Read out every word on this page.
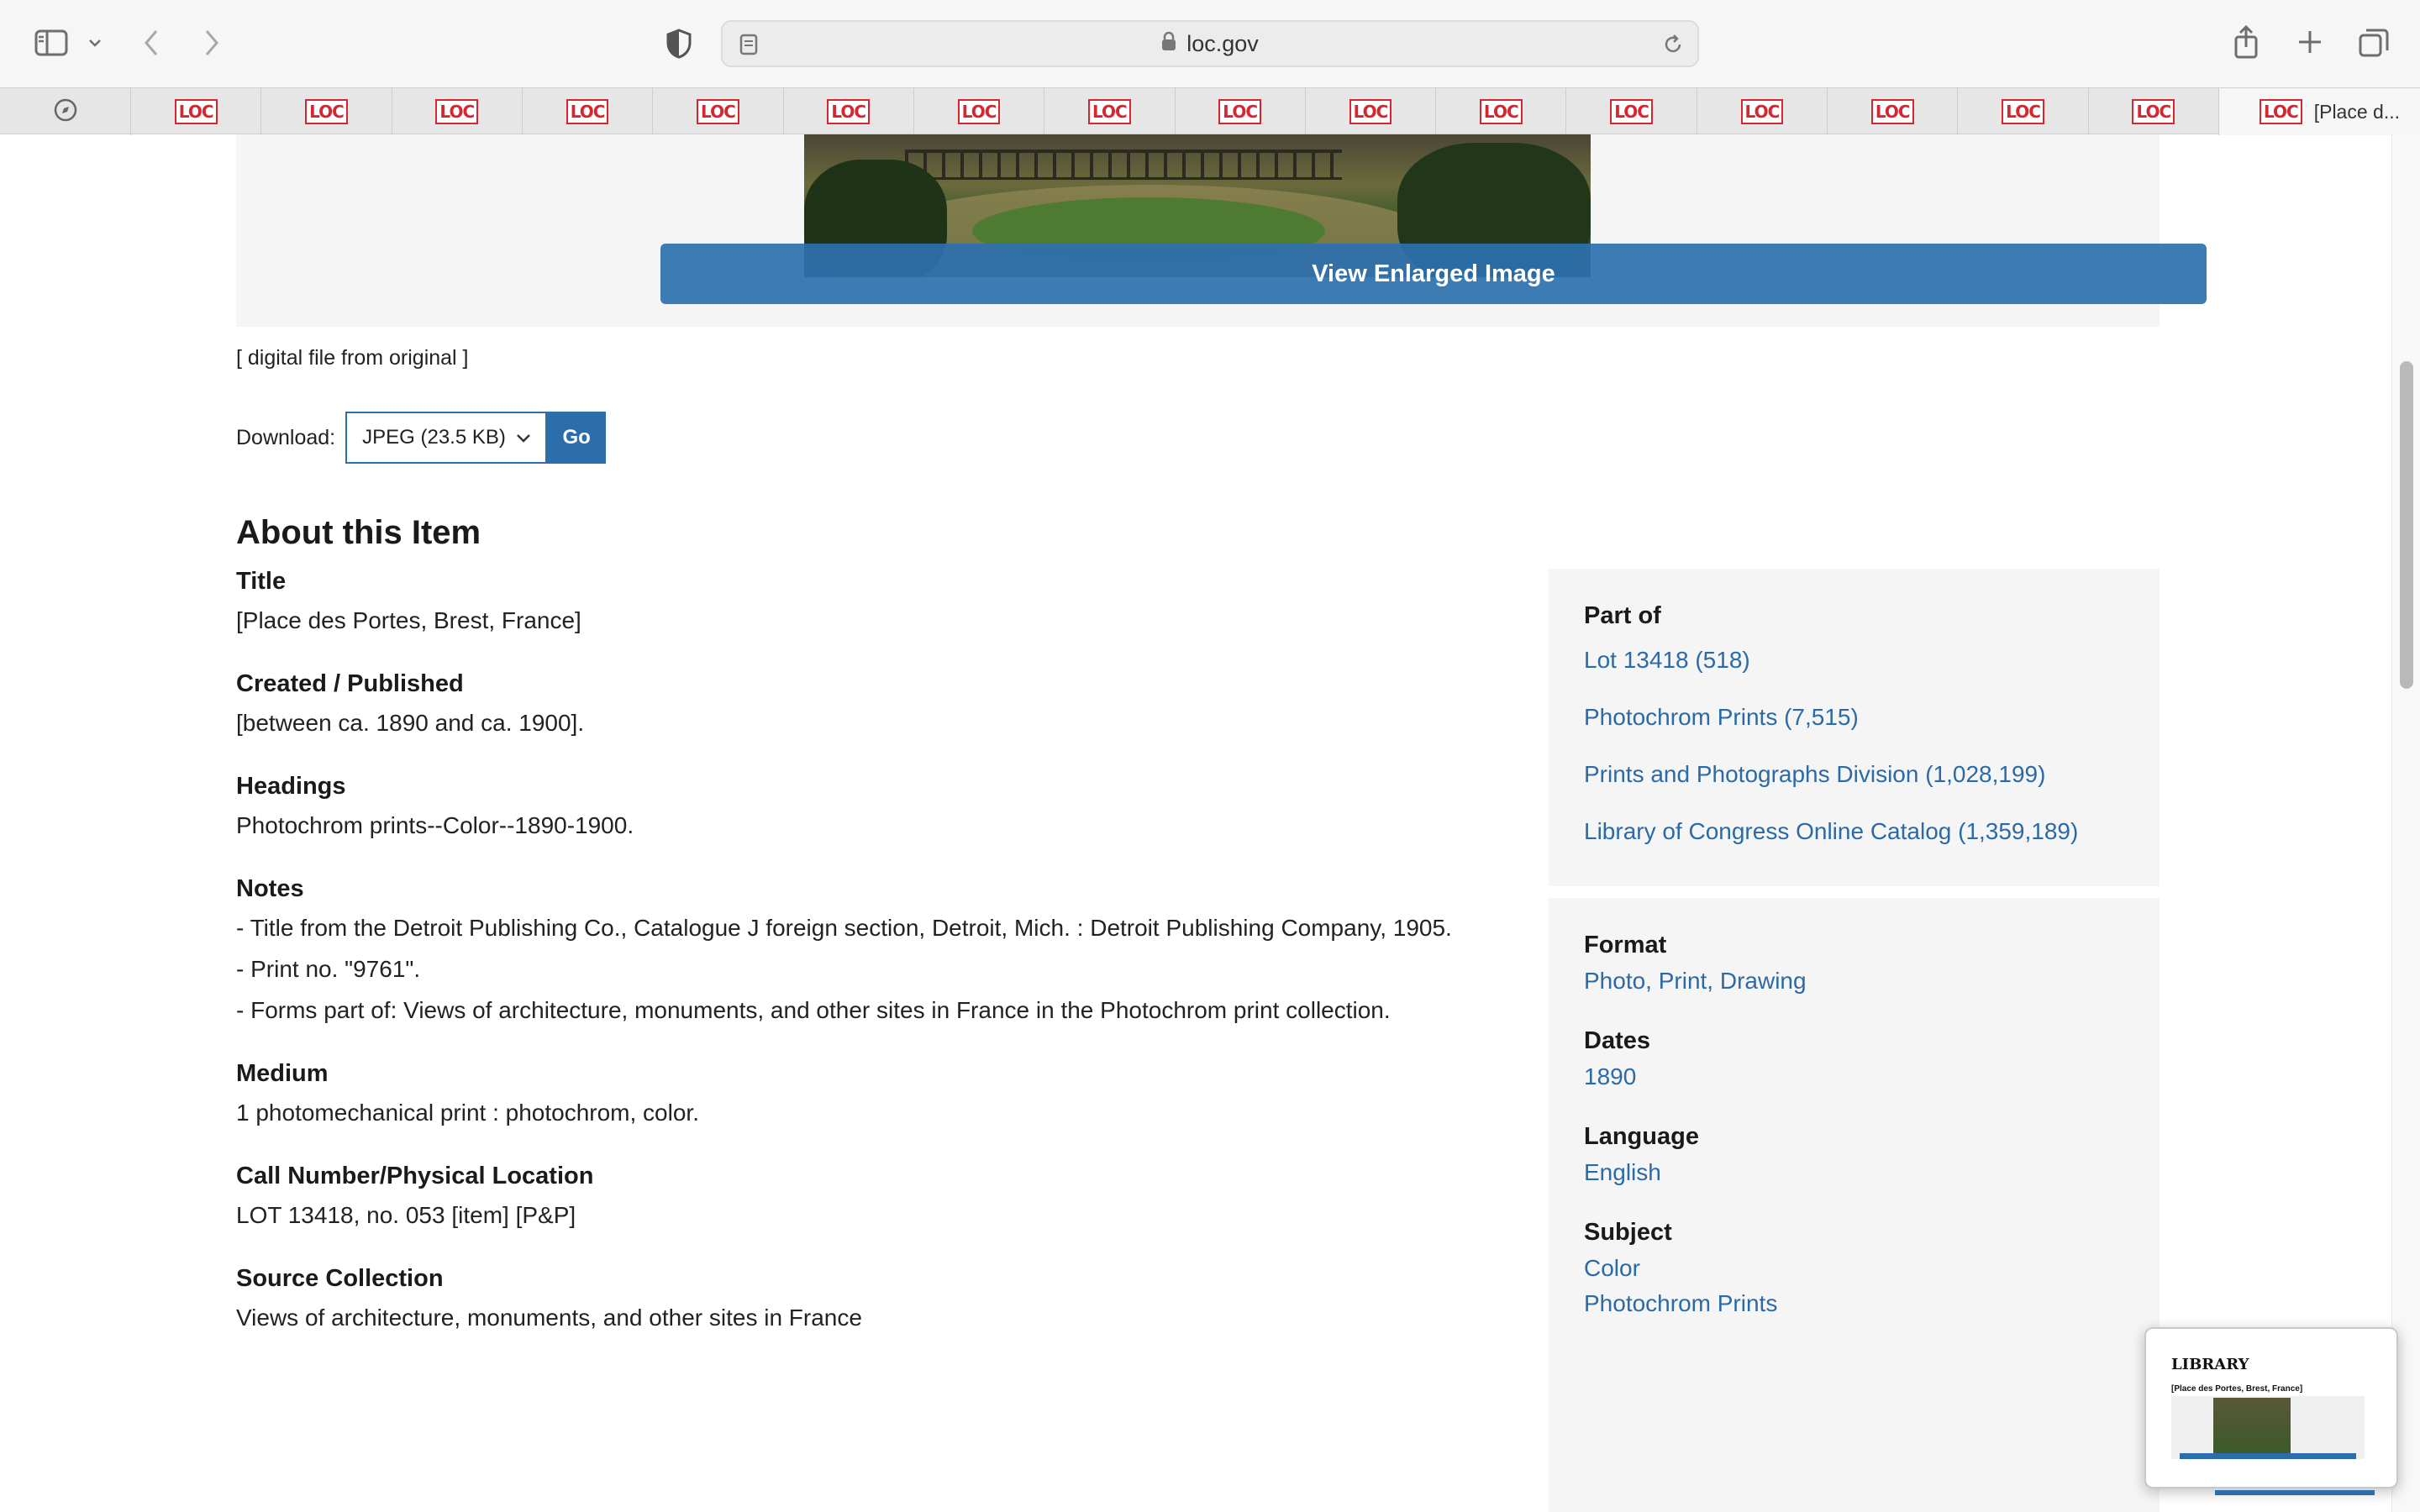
loc.gov
LOC	LOC	LOC	LOC	LOC	LOC	LOC	LOC	LOC	LOC	LOC	LOC	LOC	LOC	LOC	LOC	LOC [Place d...
View Enlarged Image
[ digital file from original ]
Download: JPEG (23.5 KB)	Go
About this Item
Title
[Place des Portes, Brest, France]
Created / Published
[between ca. 1890 and ca. 1900].
Headings
Photochrom prints--Color--1890-1900.
Notes
- Title from the Detroit Publishing Co., Catalogue J foreign section, Detroit, Mich. : Detroit Publishing Company, 1905.
- Print no. "9761".
- Forms part of: Views of architecture, monuments, and other sites in France in the Photochrom print collection.
Medium
1 photomechanical print : photochrom, color.
Call Number/Physical Location
LOT 13418, no. 053 [item] [P&P]
Source Collection
Views of architecture, monuments, and other sites in France
Part of
Lot 13418 (518)
Photochrom Prints (7,515)
Prints and Photographs Division (1,028,199)
Library of Congress Online Catalog (1,359,189)
Format
Photo, Print, Drawing
Dates
1890
Language
English
Subject
Color
Photochrom Prints
LIBRARY
[Place des Portes, Brest, France]
